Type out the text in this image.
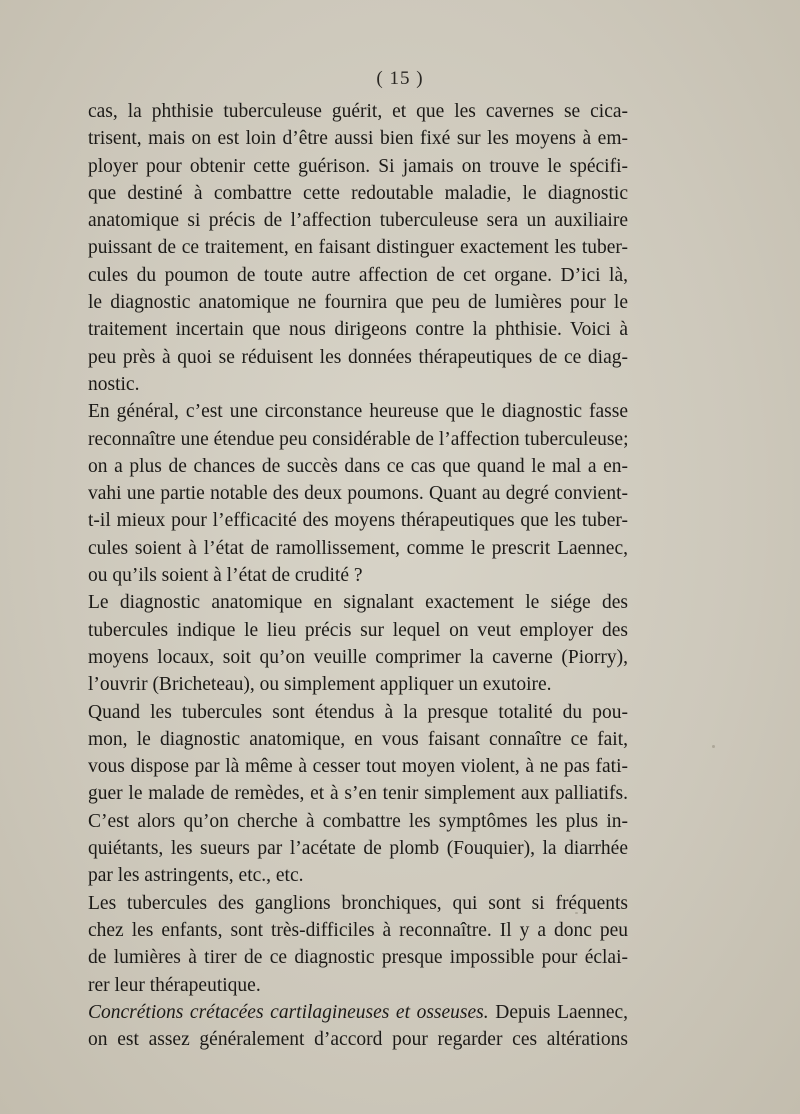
( 15 )

cas, la phthisie tuberculeuse guérit, et que les cavernes se cica-
trisent, mais on est loin d’être aussi bien fixé sur les moyens à em-
ployer pour obtenir cette guérison. Si jamais on trouve le spécifi-
que destiné à combattre cette redoutable maladie, le diagnostic
anatomique si précis de l’affection tuberculeuse sera un auxiliaire
puissant de ce traitement, en faisant distinguer exactement les tuber-
cules du poumon de toute autre affection de cet organe. D’ici là,
le diagnostic anatomique ne fournira que peu de lumières pour le
traitement incertain que nous dirigeons contre la phthisie. Voici à
peu près à quoi se réduisent les données thérapeutiques de ce diag-
nostic.

En général, c’est une circonstance heureuse que le diagnostic fasse
reconnaître une étendue peu considérable de l’affection tuberculeuse;
on a plus de chances de succès dans ce cas que quand le mal a en-
vahi une partie notable des deux poumons. Quant au degré convient-
t-il mieux pour l’efficacité des moyens thérapeutiques que les tuber-
cules soient à l’état de ramollissement, comme le prescrit Laennec,
ou qu’ils soient à l’état de crudité ?

Le diagnostic anatomique en signalant exactement le siége des
tubercules indique le lieu précis sur lequel on veut employer des
moyens locaux, soit qu’on veuille comprimer la caverne (Piorry),
l’ouvrir (Bricheteau), ou simplement appliquer un exutoire.

Quand les tubercules sont étendus à la presque totalité du pou-
mon, le diagnostic anatomique, en vous faisant connaître ce fait,
vous dispose par là même à cesser tout moyen violent, à ne pas fati-
guer le malade de remèdes, et à s’en tenir simplement aux palliatifs.
C’est alors qu’on cherche à combattre les symptômes les plus in-
quiétants, les sueurs par l’acétate de plomb (Fouquier), la diarrhée
par les astringents, etc., etc.

Les tubercules des ganglions bronchiques, qui sont si fréquents
chez les enfants, sont très-difficiles à reconnaître. Il y a donc peu
de lumières à tirer de ce diagnostic presque impossible pour éclai-
rer leur thérapeutique.

Concrétions crétacées cartilagineuses et osseuses. Depuis Laennec,
on est assez généralement d’accord pour regarder ces altérations
